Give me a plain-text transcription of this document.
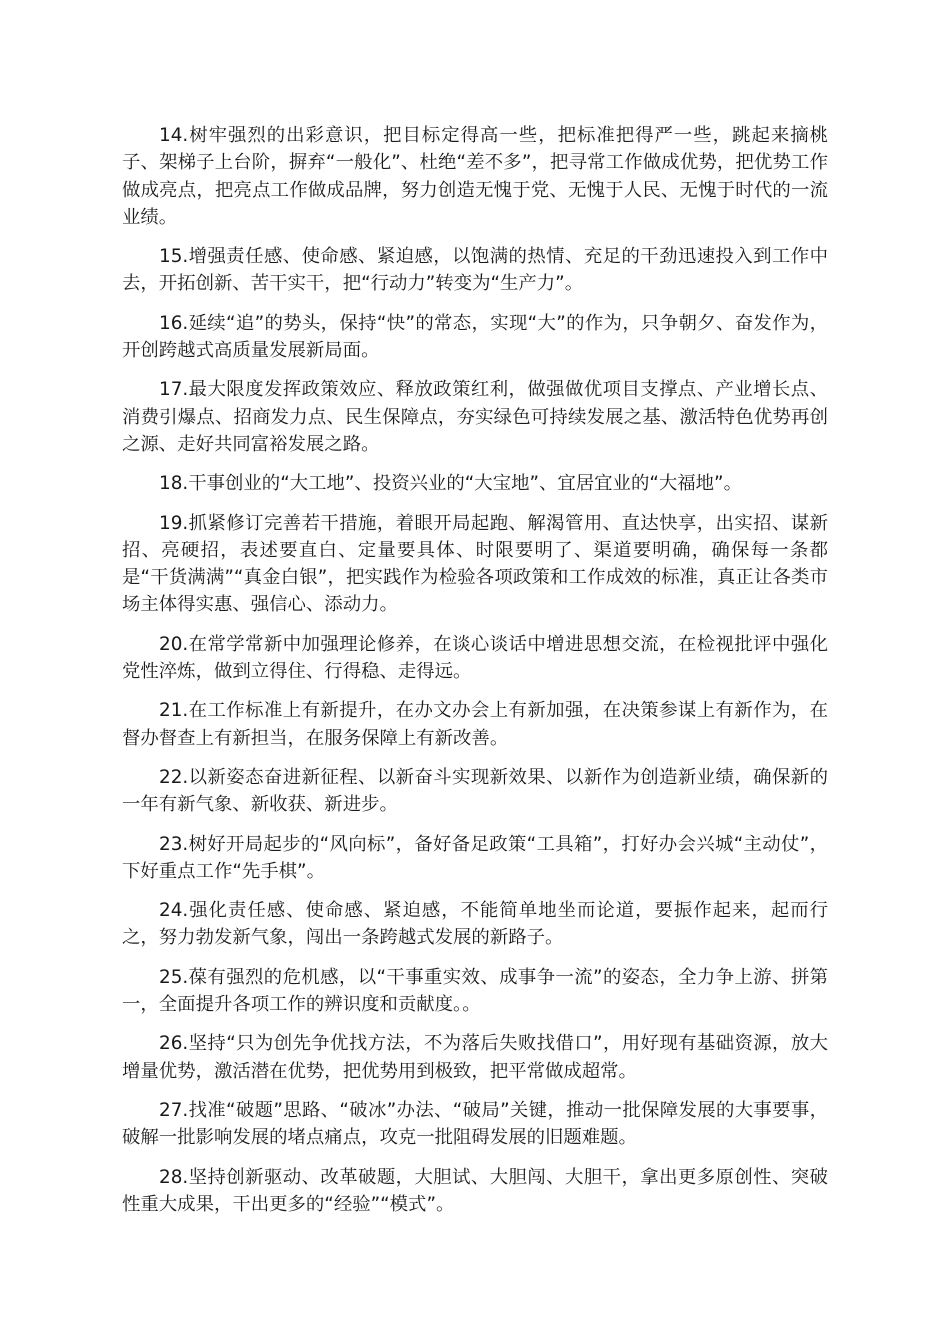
14.树牢强烈的出彩意识，把目标定得高一些，把标准把得严一些，跳起来摘桃子、架梯子上台阶，摒弃“一般化”、杜绝“差不多”，把寻常工作做成优势，把优势工作做成亮点，把亮点工作做成品牌，努力创造无愧于党、无愧于人民、无愧于时代的一流业绩。

15.增强责任感、使命感、紧迫感，以饱满的热情、充足的干劲迅速投入到工作中去，开拓创新、苦干实干，把“行动力”转变为“生产力”。

16.延续“追”的势头，保持“快”的常态，实现“大”的作为，只争朝夕、奋发作为，开创跨越式高质量发展新局面。

17.最大限度发挥政策效应、释放政策红利，做强做优项目支撑点、产业增长点、消费引爆点、招商发力点、民生保障点，夯实绿色可持续发展之基、激活特色优势再创之源、走好共同富裕发展之路。

18.干事创业的“大工地”、投资兴业的“大宝地”、宜居宜业的“大福地”。

19.抓紧修订完善若干措施，着眼开局起跑、解渴管用、直达快享，出实招、谋新招、亮硬招，表述要直白、定量要具体、时限要明了、渠道要明确，确保每一条都是“干货满满”“真金白银”，把实践作为检验各项政策和工作成效的标准，真正让各类市场主体得实惠、强信心、添动力。

20.在常学常新中加强理论修养，在谈心谈话中增进思想交流，在检视批评中强化党性淬炼，做到立得住、行得稳、走得远。

21.在工作标准上有新提升，在办文办会上有新加强，在决策参谋上有新作为，在督办督查上有新担当，在服务保障上有新改善。

22.以新姿态奋进新征程、以新奋斗实现新效果、以新作为创造新业绩，确保新的一年有新气象、新收获、新进步。

23.树好开局起步的“风向标”，备好备足政策“工具箱”，打好办会兴城“主动仗”，下好重点工作“先手棋”。

24.强化责任感、使命感、紧迫感，不能简单地坐而论道，要振作起来，起而行之，努力勃发新气象，闯出一条跨越式发展的新路子。

25.葆有强烈的危机感，以“干事重实效、成事争一流”的姿态，全力争上游、拼第一，全面提升各项工作的辨识度和贡献度。。

26.坚持“只为创先争优找方法，不为落后失败找借口”，用好现有基础资源，放大增量优势，激活潜在优势，把优势用到极致，把平常做成超常。

27.找准“破题”思路、“破冰”办法、“破局”关键，推动一批保障发展的大事要事，破解一批影响发展的堵点痛点，攻克一批阻碍发展的旧题难题。

28.坚持创新驱动、改革破题，大胆试、大胆闯、大胆干，拿出更多原创性、突破性重大成果，干出更多的“经验”“模式”。
